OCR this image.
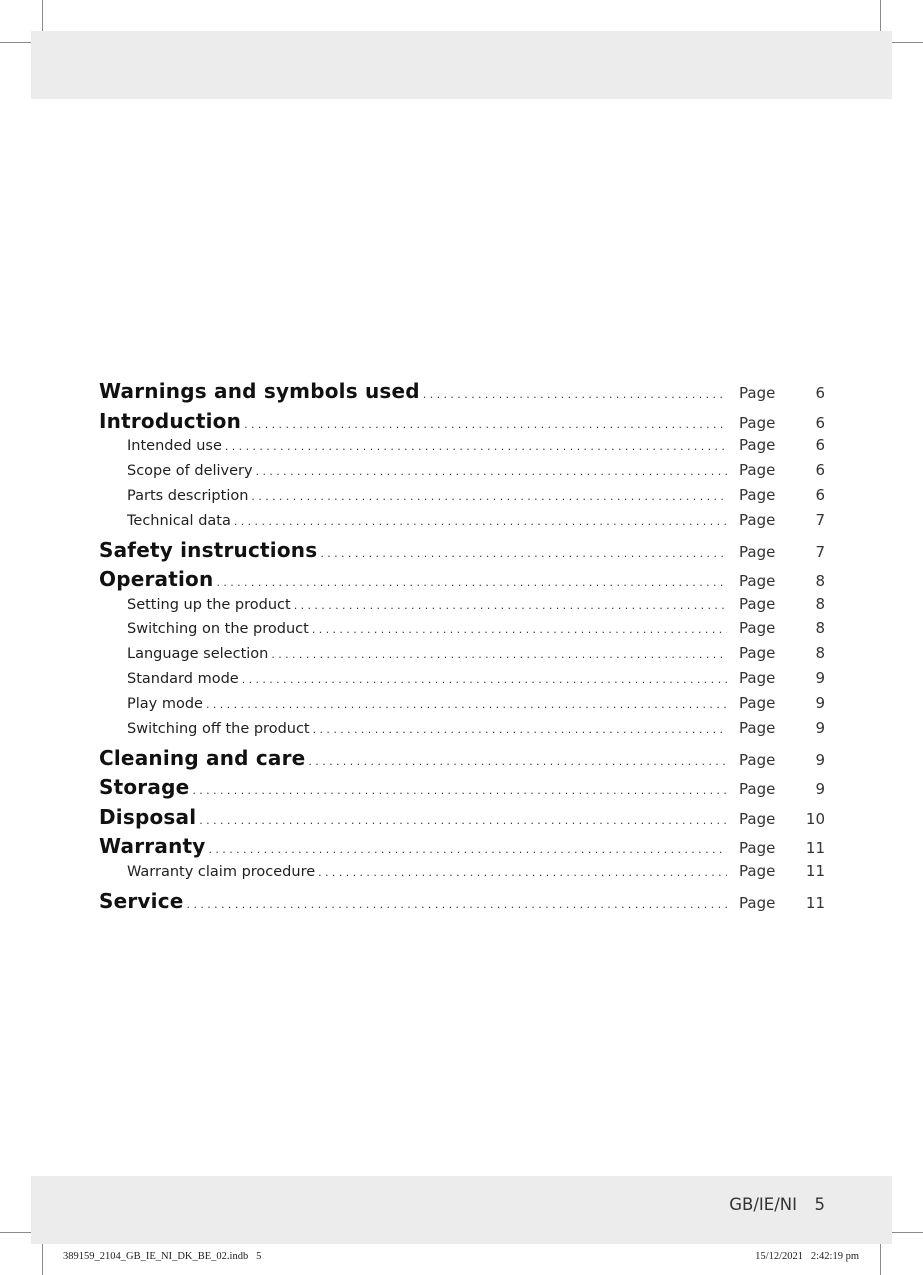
Warnings and symbols used .....	Page	6
Introduction .....	Page	6
Intended use .....	Page	6
Scope of delivery .....	Page	6
Parts description .....	Page	6
Technical data .....	Page	7
Safety instructions .....	Page	7
Operation .....	Page	8
Setting up the product .....	Page	8
Switching on the product .....	Page	8
Language selection .....	Page	8
Standard mode .....	Page	9
Play mode .....	Page	9
Switching off the product .....	Page	9
Cleaning and care .....	Page	9
Storage .....	Page	9
Disposal .....	Page	10
Warranty .....	Page	11
Warranty claim procedure .....	Page	11
Service .....	Page	11
GB/IE/NI	5
389159_2104_GB_IE_NI_DK_BE_02.indb   5	15/12/2021   2:42:19 pm
